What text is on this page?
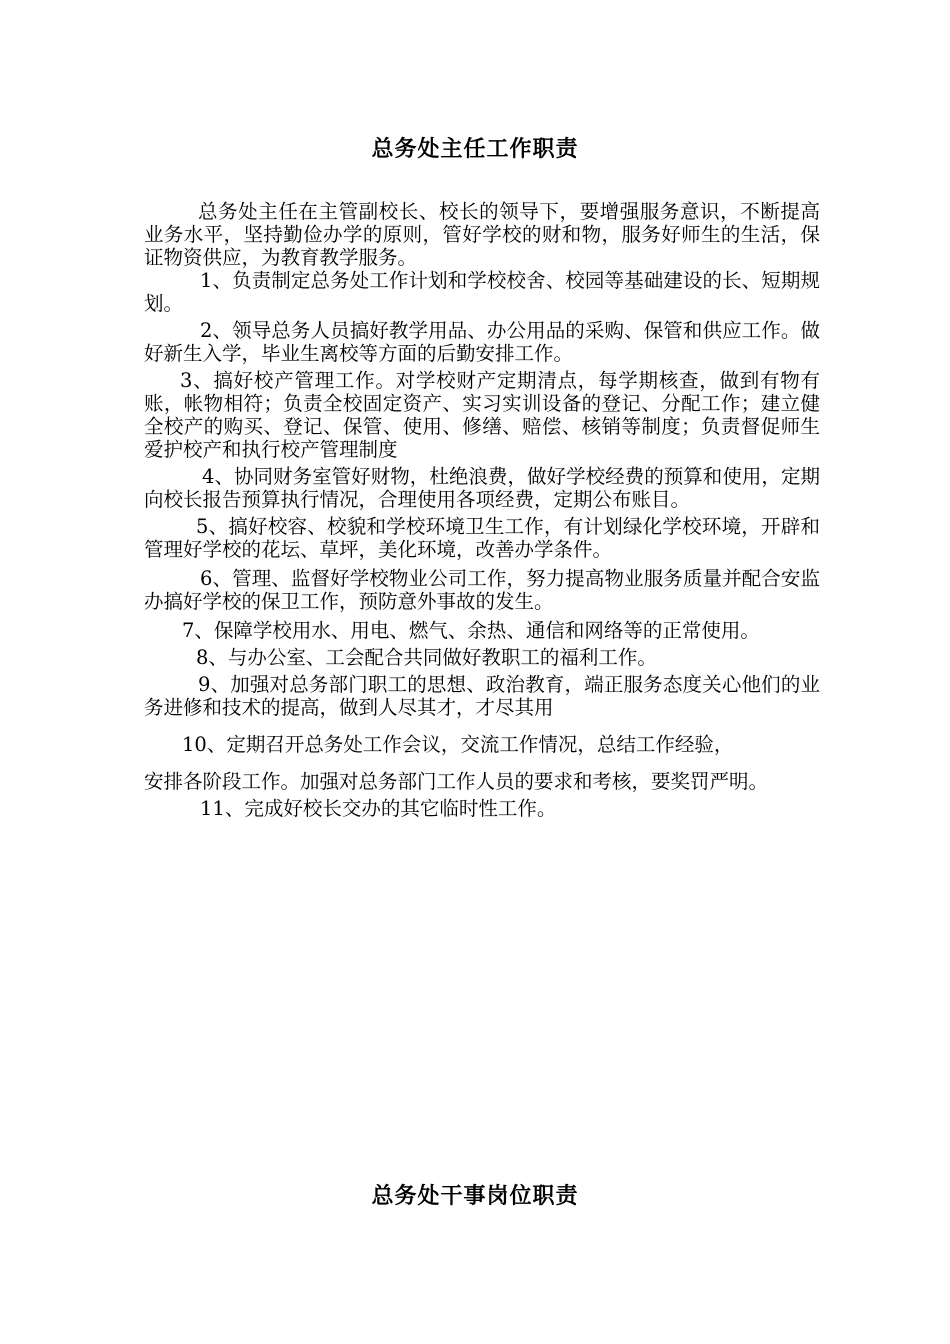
总务处主任工作职责

总务处主任在主管副校长、校长的领导下，要增强服务意识，不断提高业务水平，坚持勤俭办学的原则，管好学校的财和物，服务好师生的生活，保证物资供应，为教育教学服务。

1、负责制定总务处工作计划和学校校舍、校园等基础建设的长、短期规划。

2、领导总务人员搞好教学用品、办公用品的采购、保管和供应工作。做好新生入学，毕业生离校等方面的后勤安排工作。

3、搞好校产管理工作。对学校财产定期清点，每学期核查，做到有物有账，帐物相符；负责全校固定资产、实习实训设备的登记、分配工作；建立健全校产的购买、登记、保管、使用、修缮、赔偿、核销等制度；负责督促师生爱护校产和执行校产管理制度

4、协同财务室管好财物，杜绝浪费，做好学校经费的预算和使用，定期向校长报告预算执行情况，合理使用各项经费，定期公布账目。

5、搞好校容、校貌和学校环境卫生工作，有计划绿化学校环境，开辟和管理好学校的花坛、草坪，美化环境，改善办学条件。

6、管理、监督好学校物业公司工作，努力提高物业服务质量并配合安监办搞好学校的保卫工作，预防意外事故的发生。

7、保障学校用水、用电、燃气、余热、通信和网络等的正常使用。

8、与办公室、工会配合共同做好教职工的福利工作。

9、加强对总务部门职工的思想、政治教育，端正服务态度关心他们的业务进修和技术的提高，做到人尽其才，才尽其用

10、定期召开总务处工作会议，交流工作情况，总结工作经验，

安排各阶段工作。加强对总务部门工作人员的要求和考核，要奖罚严明。

11、完成好校长交办的其它临时性工作。

总务处干事岗位职责
